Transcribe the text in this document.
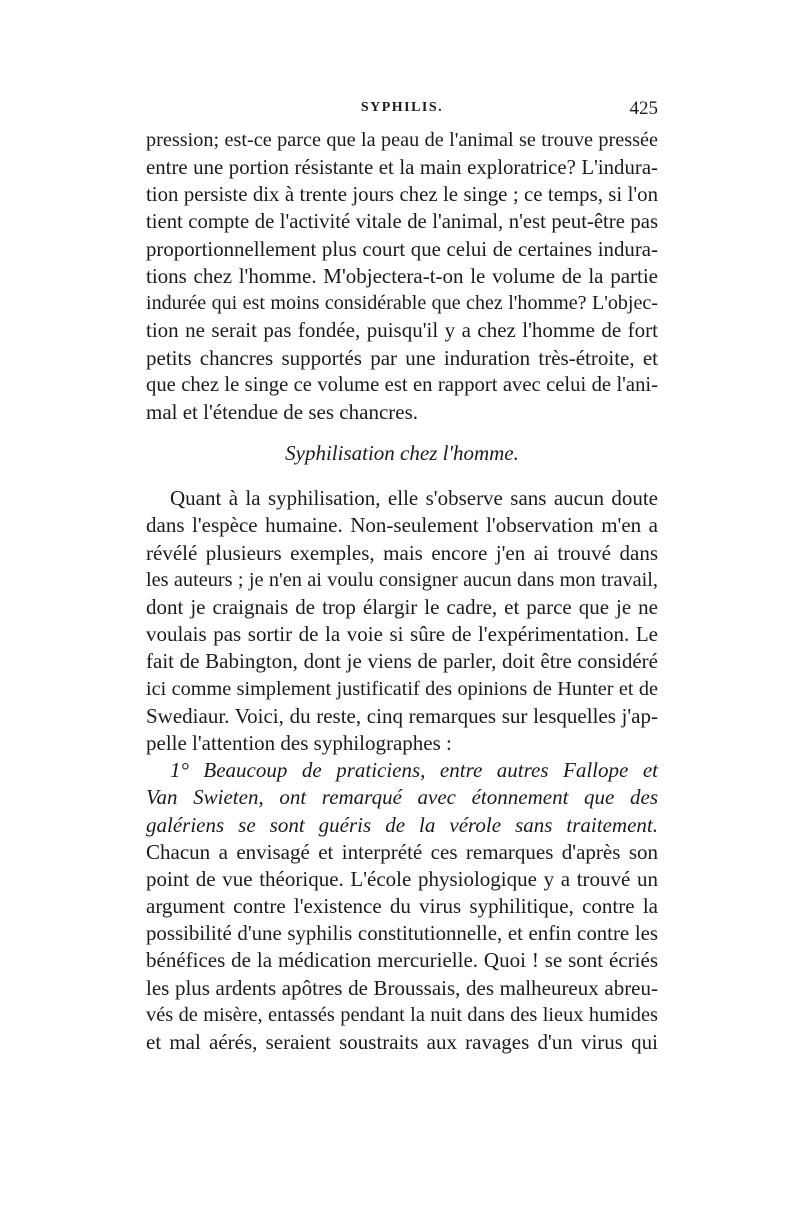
SYPHILIS.	425
pression; est-ce parce que la peau de l'animal se trouve pressée
entre une portion résistante et la main exploratrice? L'indura-
tion persiste dix à trente jours chez le singe ; ce temps, si l'on
tient compte de l'activité vitale de l'animal, n'est peut-être pas
proportionnellement plus court que celui de certaines indura-
tions chez l'homme. M'objectera-t-on le volume de la partie
indurée qui est moins considérable que chez l'homme? L'objec-
tion ne serait pas fondée, puisqu'il y a chez l'homme de fort
petits chancres supportés par une induration très-étroite, et
que chez le singe ce volume est en rapport avec celui de l'ani-
mal et l'étendue de ses chancres.
Syphilisation chez l'homme.
Quant à la syphilisation, elle s'observe sans aucun doute
dans l'espèce humaine. Non-seulement l'observation m'en a
révélé plusieurs exemples, mais encore j'en ai trouvé dans
les auteurs ; je n'en ai voulu consigner aucun dans mon travail,
dont je craignais de trop élargir le cadre, et parce que je ne
voulais pas sortir de la voie si sûre de l'expérimentation. Le
fait de Babington, dont je viens de parler, doit être considéré
ici comme simplement justificatif des opinions de Hunter et de
Swediaur. Voici, du reste, cinq remarques sur lesquelles j'ap-
pelle l'attention des syphilographes :
1° Beaucoup de praticiens, entre autres Fallope et
Van Swieten, ont remarqué avec étonnement que des
galériens se sont guéris de la vérole sans traitement.
Chacun a envisagé et interprété ces remarques d'après son
point de vue théorique. L'école physiologique y a trouvé un
argument contre l'existence du virus syphilitique, contre la
possibilité d'une syphilis constitutionnelle, et enfin contre les
bénéfices de la médication mercurielle. Quoi ! se sont écriés
les plus ardents apôtres de Broussais, des malheureux abreu-
vés de misère, entassés pendant la nuit dans des lieux humides
et mal aérés, seraient soustraits aux ravages d'un virus qui
